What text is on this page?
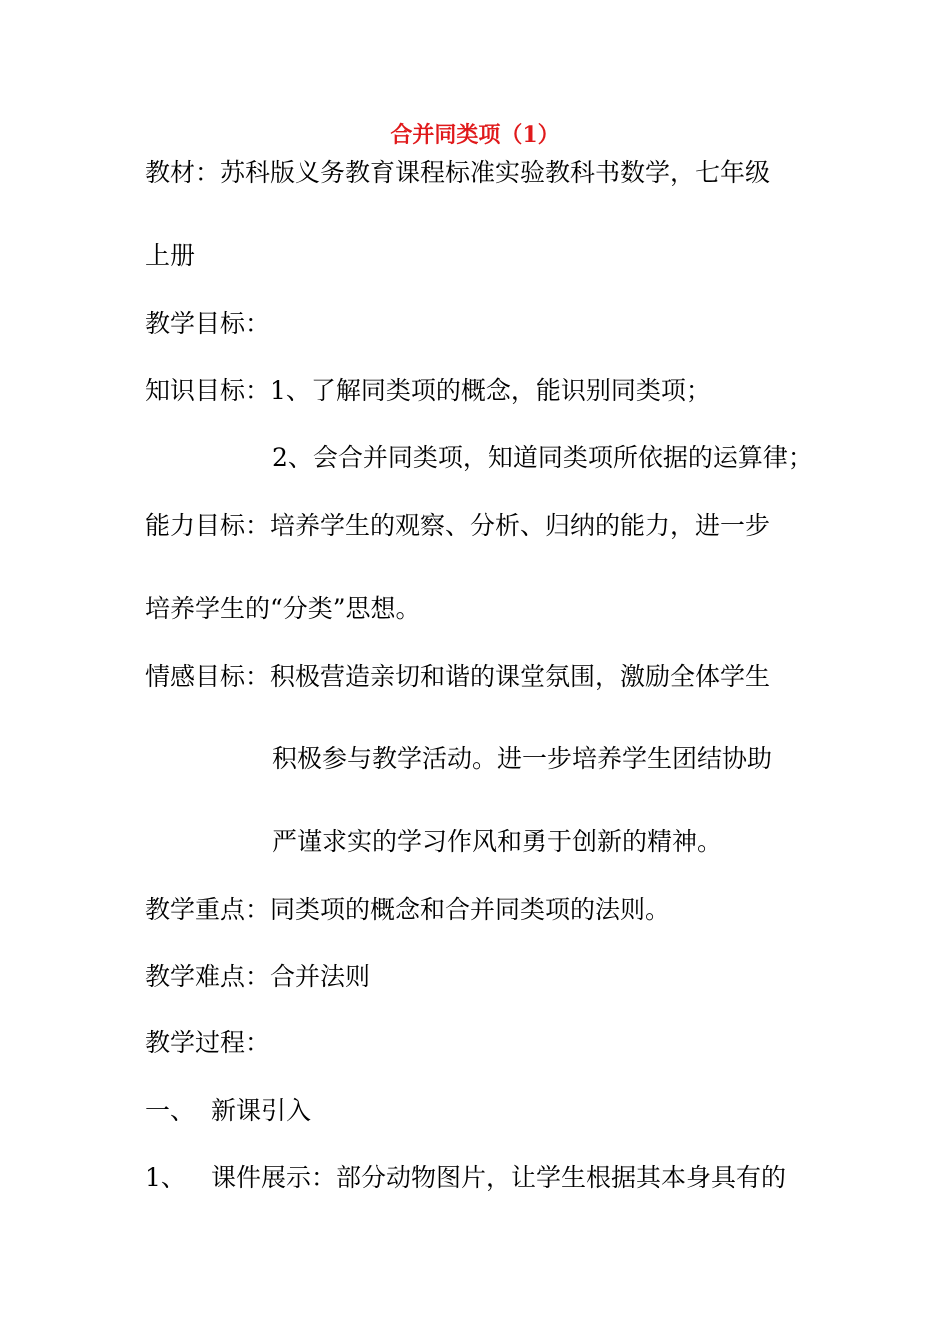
合并同类项（1）
教材：苏科版义务教育课程标准实验教科书数学，七年级
上册
教学目标：
知识目标：1、了解同类项的概念，能识别同类项；
2、会合并同类项，知道同类项所依据的运算律；
能力目标：培养学生的观察、分析、归纳的能力，进一步
培养学生的“分类”思想。
情感目标：积极营造亲切和谐的课堂氛围，激励全体学生
积极参与教学活动。进一步培养学生团结协助
严谨求实的学习作风和勇于创新的精神。
教学重点：同类项的概念和合并同类项的法则。
教学难点：合并法则
教学过程：
一、 新课引入
1、 课件展示：部分动物图片，让学生根据其本身具有的
